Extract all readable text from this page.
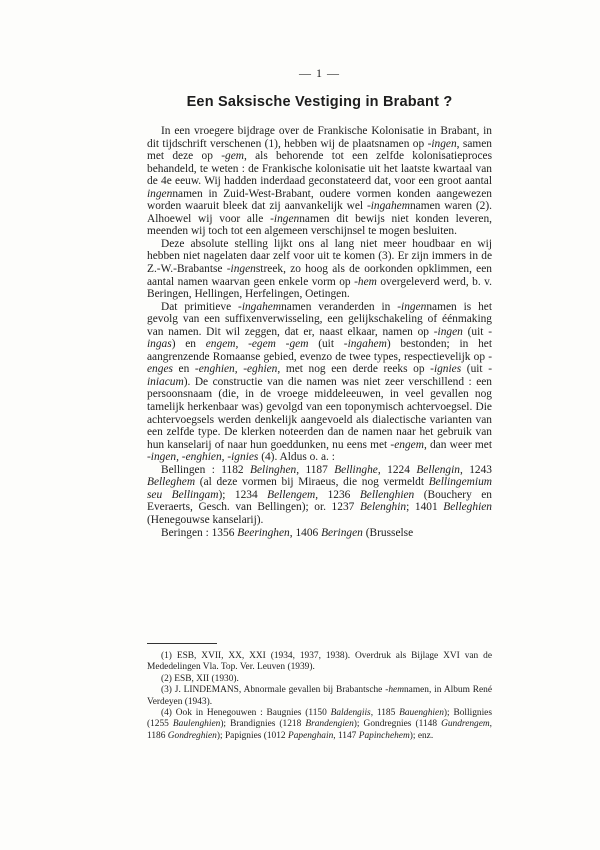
— 1 —
Een Saksische Vestiging in Brabant ?

In een vroegere bijdrage over de Frankische Kolonisatie in Brabant, in dit tijdschrift verschenen (1), hebben wij de plaatsnamen op -ingen, samen met deze op -gem, als behorende tot een zelfde kolonisatieproces behandeld, te weten : de Frankische kolonisatie uit het laatste kwartaal van de 4e eeuw. Wij hadden inderdaad geconstateerd dat, voor een groot aantal ingennamen in Zuid-West-Brabant, oudere vormen konden aangewezen worden waaruit bleek dat zij aanvankelijk wel -ingahemnamen waren (2). Alhoewel wij voor alle -ingennamen dit bewijs niet konden leveren, meenden wij toch tot een algemeen verschijnsel te mogen besluiten.

Deze absolute stelling lijkt ons al lang niet meer houdbaar en wij hebben niet nagelaten daar zelf voor uit te komen (3). Er zijn immers in de Z.-W.-Brabantse -ingenstreek, zo hoog als de oorkonden opklimmen, een aantal namen waarvan geen enkele vorm op -hem overgeleverd werd, b. v. Beringen, Hellingen, Herfelingen, Oetingen.

Dat primitieve -ingahemnamen veranderden in -ingennamen is het gevolg van een suffixenverwisseling, een gelijkschakeling of éénmaking van namen. Dit wil zeggen, dat er, naast elkaar, namen op -ingen (uit -ingas) en engem, -egem -gem (uit -ingahem) bestonden; in het aangrenzende Romaanse gebied, evenzo de twee types, respectievelijk op -enges en -enghien, -eghien, met nog een derde reeks op -ignies (uit -iniacum). De constructie van die namen was niet zeer verschillend : een persoonsnaam (die, in de vroege middeleeuwen, in veel gevallen nog tamelijk herkenbaar was) gevolgd van een toponymisch achtervoegsel. Die achtervoegsels werden denkelijk aangevoeld als dialectische varianten van een zelfde type. De klerken noteerden dan de namen naar het gebruik van hun kanselarij of naar hun goeddunken, nu eens met -engem, dan weer met -ingen, -enghien, -ignies (4). Aldus o. a. :

Bellingen : 1182 Belinghen, 1187 Bellinghe, 1224 Bellengin, 1243 Belleghem (al deze vormen bij Miraeus, die nog vermeldt Bellingemium seu Bellingam); 1234 Bellengem, 1236 Bellenghien (Bouchery en Everaerts, Gesch. van Bellingen); or. 1237 Belenghin; 1401 Belleghien (Henegouwse kanselarij).

Beringen : 1356 Beeringhen, 1406 Beringen (Brusselse

(1) ESB, XVII, XX, XXI (1934, 1937, 1938). Overdruk als Bijlage XVI van de Mededelingen Vla. Top. Ver. Leuven (1939).

(2) ESB, XII (1930).

(3) J. LINDEMANS, Abnormale gevallen bij Brabantsche -hemnamen, in Album René Verdeyen (1943).

(4) Ook in Henegouwen : Baugnies (1150 Baldengiis, 1185 Bauenghien); Bollignies (1255 Baulenghien); Brandignies (1218 Brandengien); Gondregnies (1148 Gundrengem, 1186 Gondreghien); Papignies (1012 Papenghain, 1147 Papinchehem); enz.
